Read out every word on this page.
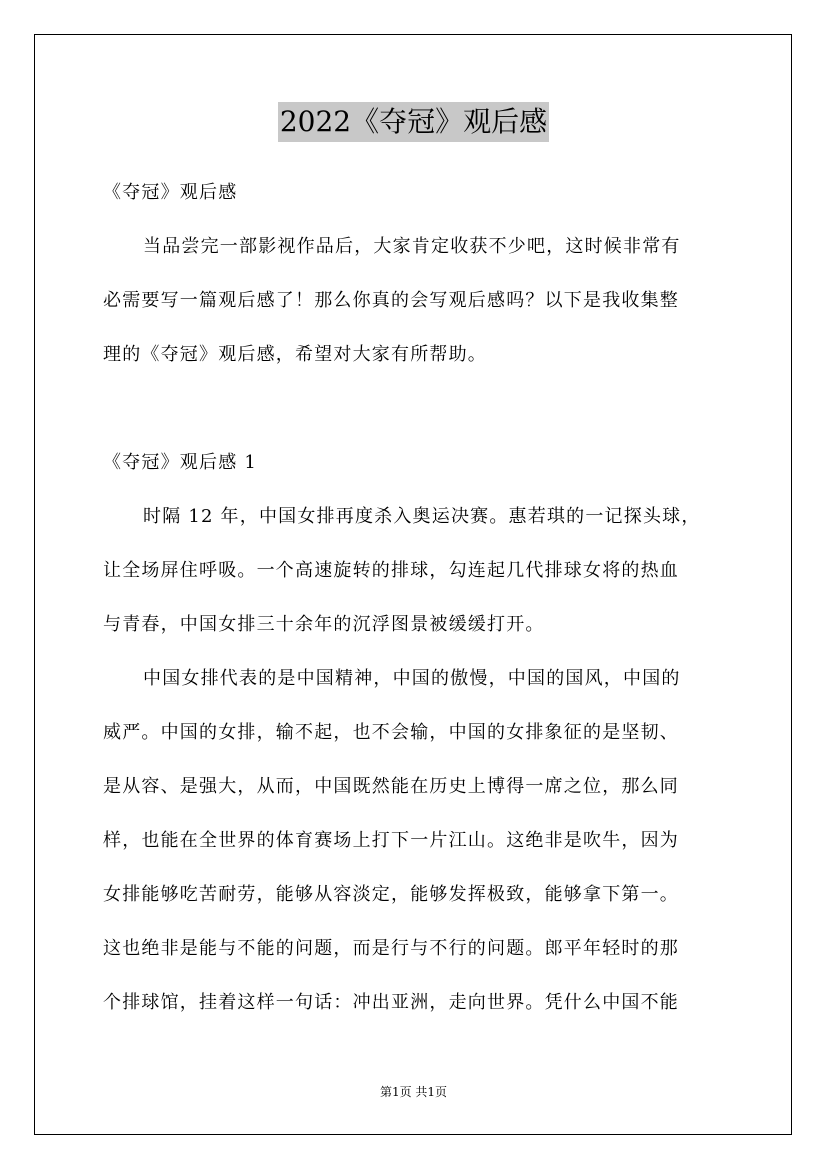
2022《夺冠》观后感
《夺冠》观后感
当品尝完一部影视作品后，大家肯定收获不少吧，这时候非常有
必需要写一篇观后感了！那么你真的会写观后感吗？以下是我收集整
理的《夺冠》观后感，希望对大家有所帮助。
《夺冠》观后感 1
时隔 12 年，中国女排再度杀入奥运决赛。惠若琪的一记探头球，
让全场屏住呼吸。一个高速旋转的排球，勾连起几代排球女将的热血
与青春，中国女排三十余年的沉浮图景被缓缓打开。
中国女排代表的是中国精神，中国的傲慢，中国的国风，中国的
威严。中国的女排，输不起，也不会输，中国的女排象征的是坚韧、
是从容、是强大，从而，中国既然能在历史上博得一席之位，那么同
样，也能在全世界的体育赛场上打下一片江山。这绝非是吹牛，因为
女排能够吃苦耐劳，能够从容淡定，能够发挥极致，能够拿下第一。
这也绝非是能与不能的问题，而是行与不行的问题。郎平年轻时的那
个排球馆，挂着这样一句话：冲出亚洲，走向世界。凭什么中国不能
第1页 共1页
